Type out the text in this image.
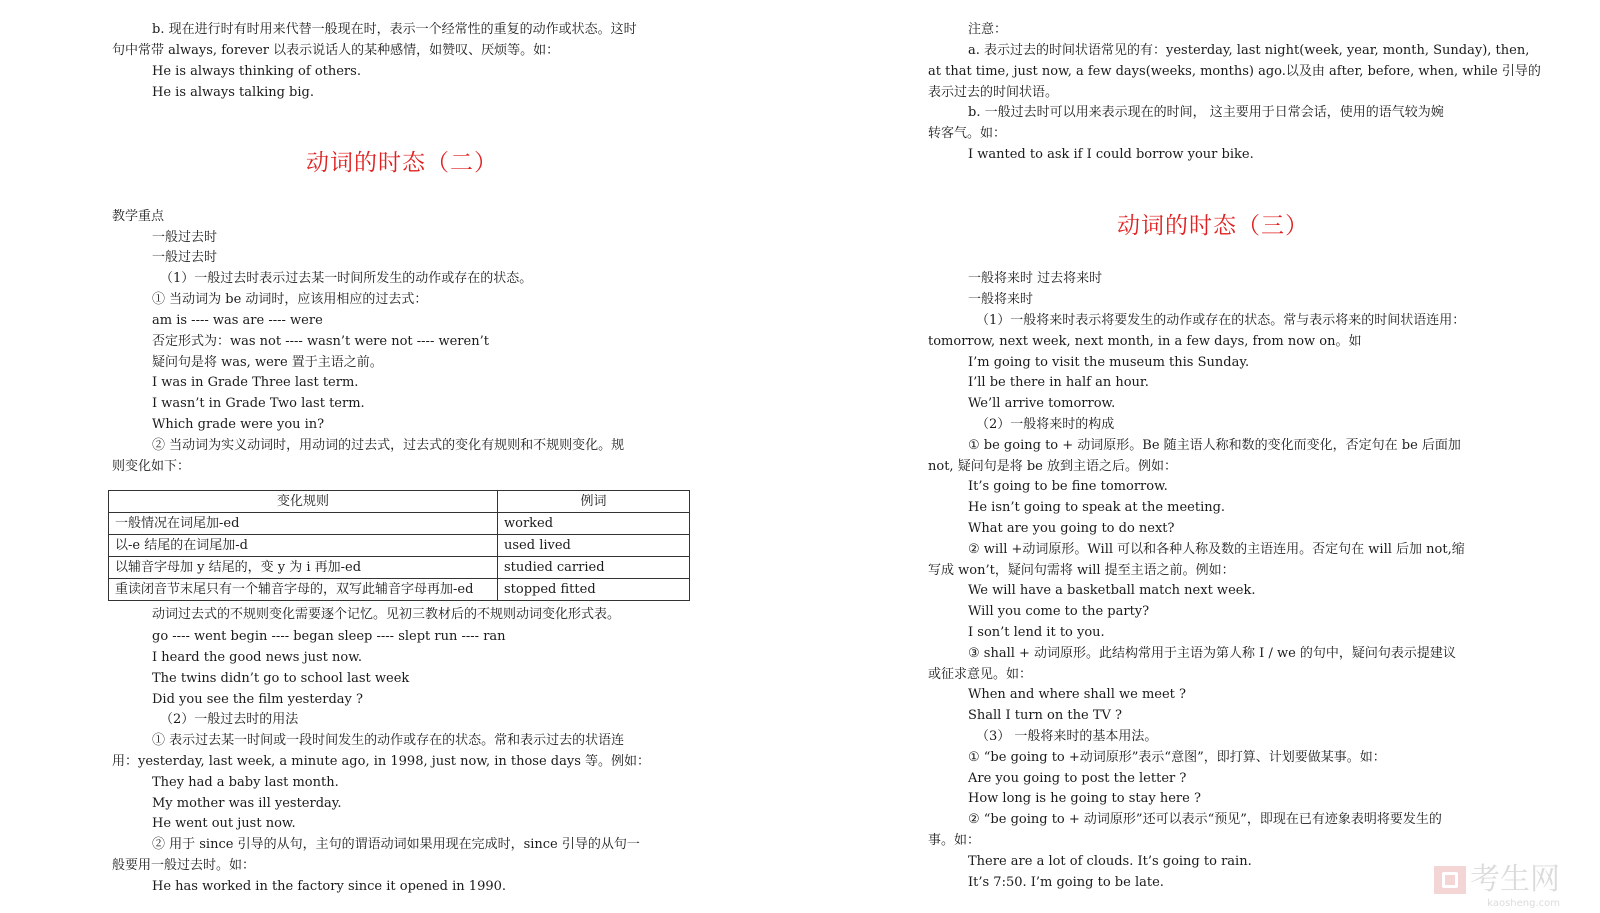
b. 现在进行时有时用来代替一般现在时，表示一个经常性的重复的动作或状态。这时
句中常带 always, forever 以表示说话人的某种感情，如赞叹、厌烦等。如：
He is always thinking of others.
He is always talking big.
动词的时态（二）
教学重点
一般过去时
一般过去时
（1）一般过去时表示过去某一时间所发生的动作或存在的状态。
① 当动词为 be 动词时，应该用相应的过去式：
am is ---- was are ---- were
否定形式为：was not ---- wasn’t were not ---- weren’t
疑问句是将 was, were 置于主语之前。
I was in Grade Three last term.
I wasn’t in Grade Two last term.
Which grade were you in?
② 当动词为实义动词时，用动词的过去式，过去式的变化有规则和不规则变化。规
则变化如下：
变化规则	例词
一般情况在词尾加-ed	worked
以-e 结尾的在词尾加-d	used lived
以辅音字母加 y 结尾的，变 y 为 i 再加-ed	studied carried
重读闭音节末尾只有一个辅音字母的，双写此辅音字母再加-ed	stopped fitted
动词过去式的不规则变化需要逐个记忆。见初三教材后的不规则动词变化形式表。
go ---- went begin ---- began sleep ---- slept run ---- ran
I heard the good news just now.
The twins didn’t go to school last week
Did you see the film yesterday ?
（2）一般过去时的用法
① 表示过去某一时间或一段时间发生的动作或存在的状态。常和表示过去的状语连
用：yesterday, last week, a minute ago, in 1998, just now, in those days 等。例如：
They had a baby last month.
My mother was ill yesterday.
He went out just now.
② 用于 since 引导的从句，主句的谓语动词如果用现在完成时，since 引导的从句一
般要用一般过去时。如：
He has worked in the factory since it opened in 1990.
注意：
a. 表示过去的时间状语常见的有：yesterday, last night(week, year, month, Sunday), then,
at that time, just now, a few days(weeks, months) ago.以及由 after, before, when, while 引导的
表示过去的时间状语。
b. 一般过去时可以用来表示现在的时间， 这主要用于日常会话，使用的语气较为婉
转客气。如：
I wanted to ask if I could borrow your bike.
动词的时态（三）
一般将来时 过去将来时
一般将来时
（1）一般将来时表示将要发生的动作或存在的状态。常与表示将来的时间状语连用：
tomorrow, next week, next month, in a few days, from now on。如
I’m going to visit the museum this Sunday.
I’ll be there in half an hour.
We’ll arrive tomorrow.
（2）一般将来时的构成
① be going to + 动词原形。Be 随主语人称和数的变化而变化，否定句在 be 后面加
not, 疑问句是将 be 放到主语之后。例如：
It’s going to be fine tomorrow.
He isn’t going to speak at the meeting.
What are you going to do next?
② will +动词原形。Will 可以和各种人称及数的主语连用。否定句在 will 后加 not,缩
写成 won’t，疑问句需将 will 提至主语之前。例如：
We will have a basketball match next week.
Will you come to the party?
I son’t lend it to you.
③ shall + 动词原形。此结构常用于主语为第人称 I / we 的句中，疑问句表示提建议
或征求意见。如：
When and where shall we meet ?
Shall I turn on the TV ?
（3） 一般将来时的基本用法。
① “be going to +动词原形”表示“意图”，即打算、计划要做某事。如：
Are you going to post the letter ?
How long is he going to stay here ?
② “be going to + 动词原形”还可以表示“预见”，即现在已有迹象表明将要发生的
事。如：
There are a lot of clouds. It’s going to rain.
It’s 7:50. I’m going to be late.	考生网
kaosheng.com
